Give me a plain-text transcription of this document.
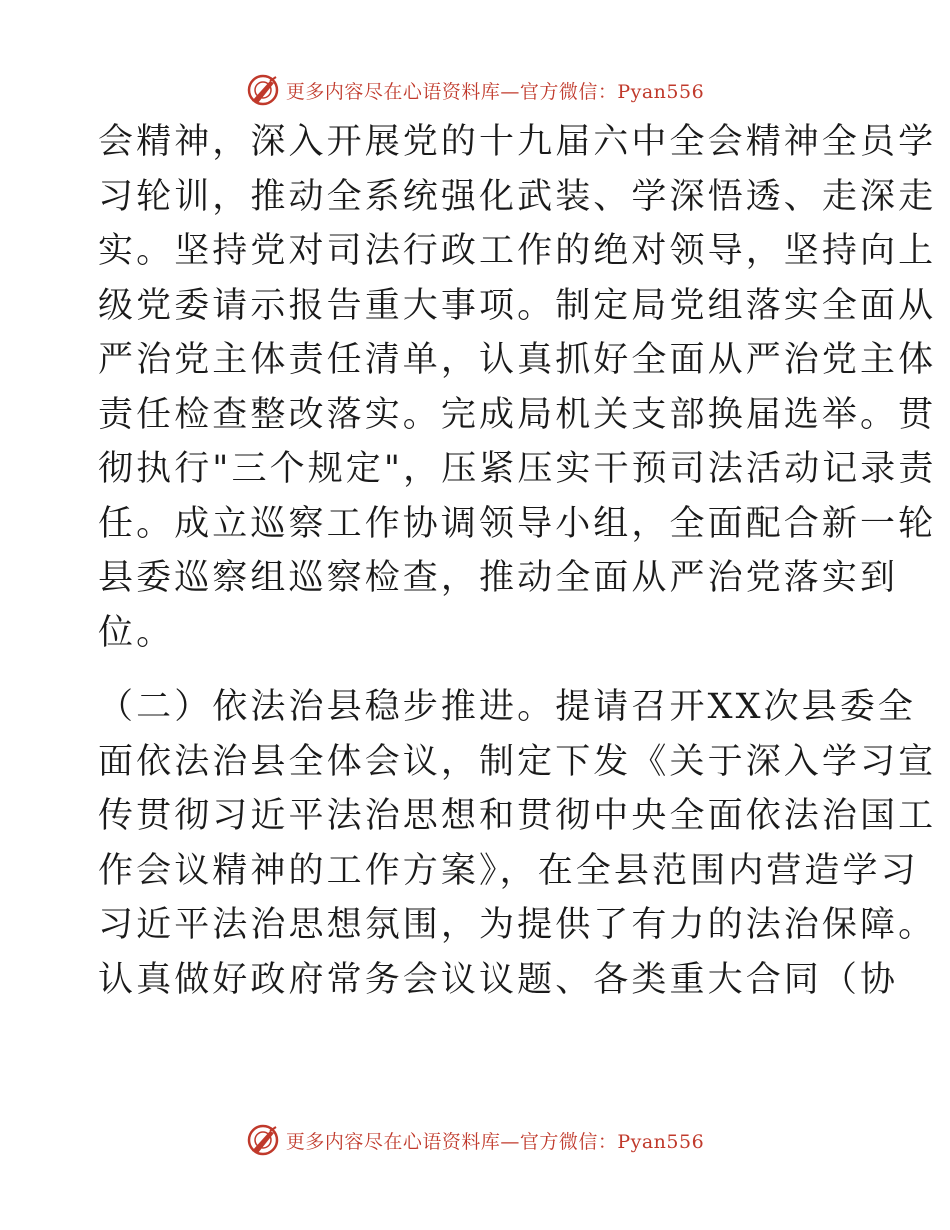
更多内容尽在心语资料库—官方微信：Pyan556

会精神，深入开展党的十九届六中全会精神全员学
习轮训，推动全系统强化武装、学深悟透、走深走
实。坚持党对司法行政工作的绝对领导，坚持向上
级党委请示报告重大事项。制定局党组落实全面从
严治党主体责任清单，认真抓好全面从严治党主体
责任检查整改落实。完成局机关支部换届选举。贯
彻执行"三个规定"，压紧压实干预司法活动记录责
任。成立巡察工作协调领导小组，全面配合新一轮
县委巡察组巡察检查，推动全面从严治党落实到
位。

（二）依法治县稳步推进。提请召开XX次县委全
面依法治县全体会议，制定下发《关于深入学习宣
传贯彻习近平法治思想和贯彻中央全面依法治国工
作会议精神的工作方案》，在全县范围内营造学习
习近平法治思想氛围，为提供了有力的法治保障。
认真做好政府常务会议议题、各类重大合同（协

更多内容尽在心语资料库—官方微信：Pyan556
